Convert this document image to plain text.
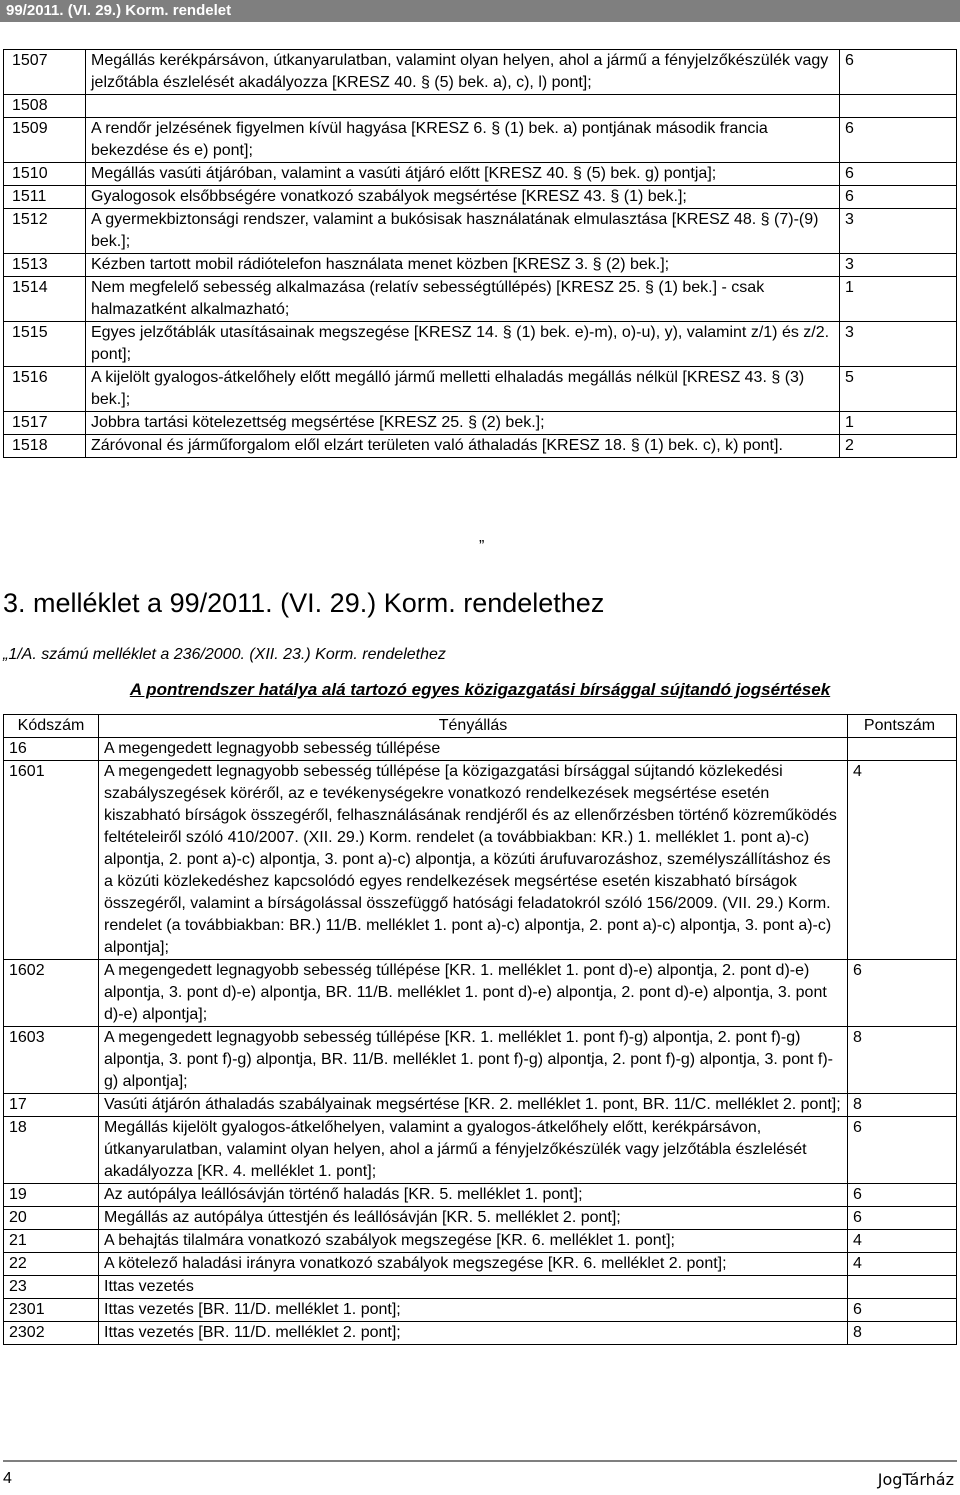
99/2011. (VI. 29.) Korm. rendelet
1507	Megállás kerékpársávon, útkanyarulatban, valamint olyan helyen, ahol a jármű a fényjelzőkészülék vagy jelzőtábla észlelését akadályozza [KRESZ 40. § (5) bek. a), c), l) pont];	6
1508		
1509	A rendőr jelzésének figyelmen kívül hagyása [KRESZ 6. § (1) bek. a) pontjának második francia bekezdése és e) pont];	6
1510	Megállás vasúti átjáróban, valamint a vasúti átjáró előtt [KRESZ 40. § (5) bek. g) pontja];	6
1511	Gyalogosok elsőbbségére vonatkozó szabályok megsértése [KRESZ 43. § (1) bek.];	6
1512	A gyermekbiztonsági rendszer, valamint a bukósisak használatának elmulasztása [KRESZ 48. § (7)-(9) bek.];	3
1513	Kézben tartott mobil rádiótelefon használata menet közben [KRESZ 3. § (2) bek.];	3
1514	Nem megfelelő sebesség alkalmazása (relatív sebességtúllépés) [KRESZ 25. § (1) bek.] - csak halmazatként alkalmazható;	1
1515	Egyes jelzőtáblák utasításainak megszegése [KRESZ 14. § (1) bek. e)-m), o)-u), y), valamint z/1) és z/2. pont];	3
1516	A kijelölt gyalogos-átkelőhely előtt megálló jármű melletti elhaladás megállás nélkül [KRESZ 43. § (3) bek.];	5
1517	Jobbra tartási kötelezettség megsértése [KRESZ 25. § (2) bek.];	1
1518	Záróvonal és járműforgalom elől elzárt területen való áthaladás [KRESZ 18. § (1) bek. c), k) pont].	2
”
3. melléklet a 99/2011. (VI. 29.) Korm. rendelethez
„1/A. számú melléklet a 236/2000. (XII. 23.) Korm. rendelethez
A pontrendszer hatálya alá tartozó egyes közigazgatási bírsággal sújtandó jogsértések
Kódszám	Tényállás	Pontszám
16	A megengedett legnagyobb sebesség túllépése	
1601	A megengedett legnagyobb sebesség túllépése [a közigazgatási bírsággal sújtandó közlekedési szabályszegések köréről, az e tevékenységekre vonatkozó rendelkezések megsértése esetén kiszabható bírságok összegéről, felhasználásának rendjéről és az ellenőrzésben történő közreműködés feltételeiről szóló 410/2007. (XII. 29.) Korm. rendelet (a továbbiakban: KR.) 1. melléklet 1. pont a)-c) alpontja, 2. pont a)-c) alpontja, 3. pont a)-c) alpontja, a közúti árufuvarozáshoz, személyszállításhoz és a közúti közlekedéshez kapcsolódó egyes rendelkezések megsértése esetén kiszabható bírságok összegéről, valamint a bírságolással összefüggő hatósági feladatokról szóló 156/2009. (VII. 29.) Korm. rendelet (a továbbiakban: BR.) 11/B. melléklet 1. pont a)-c) alpontja, 2. pont a)-c) alpontja, 3. pont a)-c) alpontja];	4
1602	A megengedett legnagyobb sebesség túllépése [KR. 1. melléklet 1. pont d)-e) alpontja, 2. pont d)-e) alpontja, 3. pont d)-e) alpontja, BR. 11/B. melléklet 1. pont d)-e) alpontja, 2. pont d)-e) alpontja, 3. pont d)-e) alpontja];	6
1603	A megengedett legnagyobb sebesség túllépése [KR. 1. melléklet 1. pont f)-g) alpontja, 2. pont f)-g) alpontja, 3. pont f)-g) alpontja, BR. 11/B. melléklet 1. pont f)-g) alpontja, 2. pont f)-g) alpontja, 3. pont f)-g) alpontja];	8
17	Vasúti átjárón áthaladás szabályainak megsértése [KR. 2. melléklet 1. pont, BR. 11/C. melléklet 2. pont];	8
18	Megállás kijelölt gyalogos-átkelőhelyen, valamint a gyalogos-átkelőhely előtt, kerékpársávon, útkanyarulatban, valamint olyan helyen, ahol a jármű a fényjelzőkészülék vagy jelzőtábla észlelését akadályozza [KR. 4. melléklet 1. pont];	6
19	Az autópálya leállósávján történő haladás [KR. 5. melléklet 1. pont];	6
20	Megállás az autópálya úttestjén és leállósávján [KR. 5. melléklet 2. pont];	6
21	A behajtás tilalmára vonatkozó szabályok megszegése [KR. 6. melléklet 1. pont];	4
22	A kötelező haladási irányra vonatkozó szabályok megszegése [KR. 6. melléklet 2. pont];	4
23	Ittas vezetés	
2301	Ittas vezetés [BR. 11/D. melléklet 1. pont];	6
2302	Ittas vezetés [BR. 11/D. melléklet 2. pont];	8
4	JogTárház
